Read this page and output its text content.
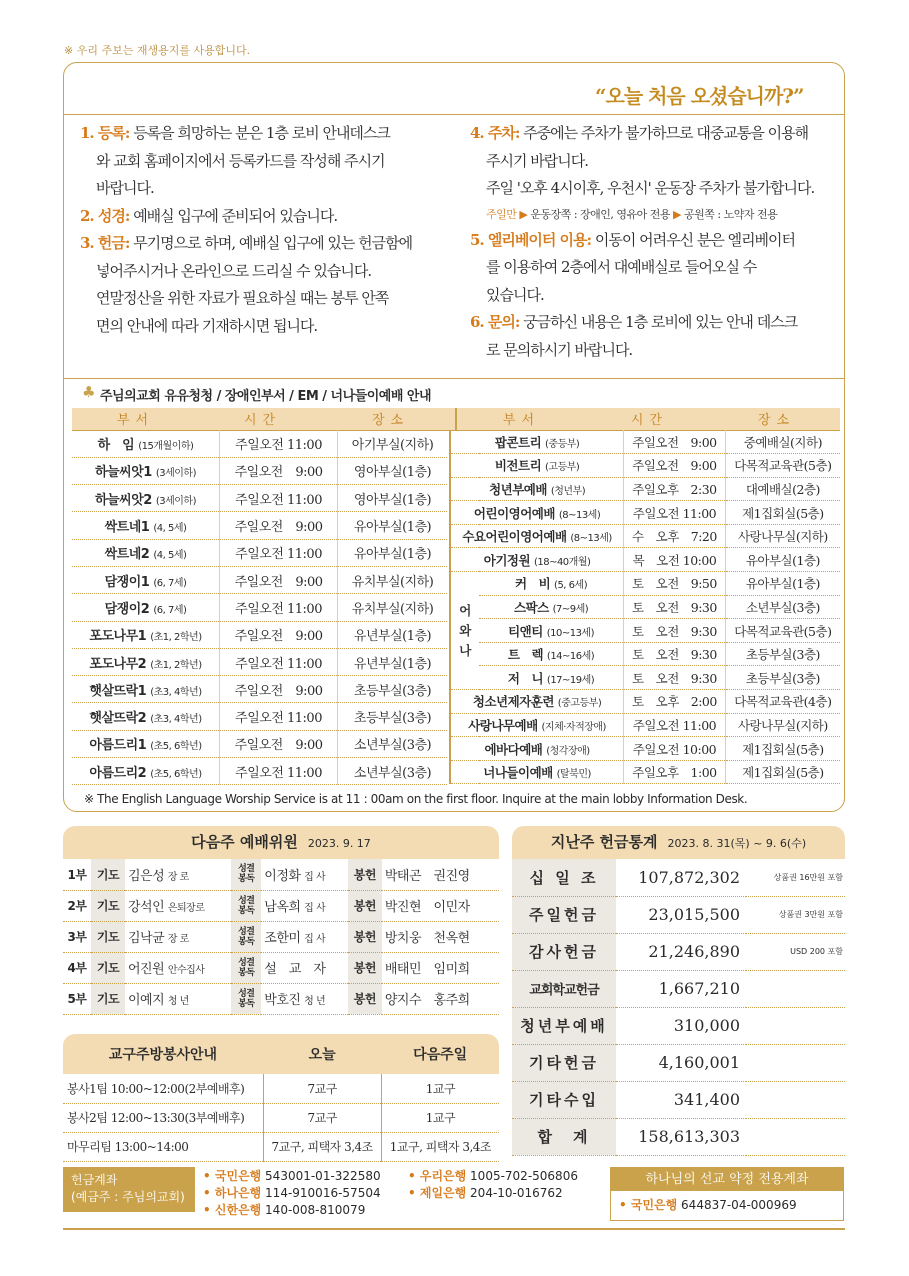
※ 우리 주보는 재생용지를 사용합니다.
“오늘 처음 오셨습니까?”
1. 등록: 등록을 희망하는 분은 1층 로비 안내데스크
와 교회 홈페이지에서 등록카드를 작성해 주시기
바랍니다.
2. 성경: 예배실 입구에 준비되어 있습니다.
3. 헌금: 무기명으로 하며, 예배실 입구에 있는 헌금함에
넣어주시거나 온라인으로 드리실 수 있습니다.
연말정산을 위한 자료가 필요하실 때는 봉투 안쪽
면의 안내에 따라 기재하시면 됩니다.
4. 주차: 주중에는 주차가 불가하므로 대중교통을 이용해
주시기 바랍니다.
주일 '오후 4시이후, 우천시' 운동장 주차가 불가합니다.
주일만 ▶ 운동장쪽 : 장애인, 영유아 전용 ▶ 공원쪽 : 노약자 전용
5. 엘리베이터 이용: 이동이 어려우신 분은 엘리베이터
를 이용하여 2층에서 대예배실로 들어오실 수
있습니다.
6. 문의: 궁금하신 내용은 1층 로비에 있는 안내 데스크
로 문의하시기 바랍니다.
♣ 주님의교회 유유청청 / 장애인부서 / EM / 너나들이예배 안내
부서	시간	장소	부서	시간	장소
※ The English Language Worship Service is at 11 : 00am on the first floor. Inquire at the main lobby Information Desk.
다음주 예배위원 2023. 9. 17
1부	기도	김은성 장 로	성결 봉독	이정화 집 사	봉헌	박태곤　권진영
2부	기도	강석인 은퇴장로	성결 봉독	남옥희 집 사	봉헌	박진현　이민자
3부	기도	김낙균 장 로	성결 봉독	조한미 집 사	봉헌	방치웅　천옥현
4부	기도	어진원 안수집사	성결 봉독	설　교　자	봉헌	배태민　임미희
5부	기도	이예지 청 년	성결 봉독	박호진 청 년	봉헌	양지수　홍주희
지난주 헌금통계 2023. 8. 31(목) ~ 9. 6(수)
십 일 조	107,872,302	상품권 16만원 포함
주일헌금	23,015,500	상품권 3만원 포함
감사헌금	21,246,890	USD 200 포함
교회학교헌금	1,667,210	
청년부예배	310,000	
기타헌금	4,160,001	
기타수입	341,400	
합　계	158,613,303	
교구주방봉사안내	오늘	다음주일
봉사1팀 10:00~12:00(2부예배후)	7교구	1교구
봉사2팀 12:00~13:30(3부예배후)	7교구	1교구
마무리팀 13:00~14:00	7교구, 피택자 3,4조	1교구, 피택자 3,4조
헌금계좌
(예금주 : 주님의교회)
• 국민은행 543001-01-322580	• 우리은행 1005-702-506806
• 하나은행 114-910016-57504	• 제일은행 204-10-016762
• 신한은행 140-008-810079
하나님의 선교 약정 전용계좌
• 국민은행 644837-04-000969
하　임 (15개월이하)	주일오전 11:00	아기부실(지하)
하늘씨앗1 (3세이하)	주일오전　9:00	영아부실(1층)
하늘씨앗2 (3세이하)	주일오전 11:00	영아부실(1층)
싹트네1 (4, 5세)	주일오전　9:00	유아부실(1층)
싹트네2 (4, 5세)	주일오전 11:00	유아부실(1층)
담쟁이1 (6, 7세)	주일오전　9:00	유치부실(지하)
담쟁이2 (6, 7세)	주일오전 11:00	유치부실(지하)
포도나무1 (초1, 2학년)	주일오전　9:00	유년부실(1층)
포도나무2 (초1, 2학년)	주일오전 11:00	유년부실(1층)
햇살뜨락1 (초3, 4학년)	주일오전　9:00	초등부실(3층)
햇살뜨락2 (초3, 4학년)	주일오전 11:00	초등부실(3층)
아름드리1 (초5, 6학년)	주일오전　9:00	소년부실(3층)
아름드리2 (초5, 6학년)	주일오전 11:00	소년부실(3층)
팝콘트리 (중등부)		주일오전　9:00	중예배실(지하)
비전트리 (고등부)		주일오전　9:00	다목적교육관(5층)
청년부예배 (청년부)		주일오후　2:30	대예배실(2층)
어린이영어예배 (8~13세)		주일오전 11:00	제1집회실(5층)
수요어린이영어예배 (8~13세)		수　오후　7:20	사랑나무실(지하)
아기정원 (18~40개월)		목　오전 10:00	유아부실(1층)

어
와
나	커　비 (5, 6세)	토　오전　9:50	유아부실(1층)
	스팍스 (7~9세)	토　오전　9:30	소년부실(3층)
	티앤티 (10~13세)	토　오전　9:30	다목적교육관(5층)
	트　렉 (14~16세)	토　오전　9:30	초등부실(3층)
	저　니 (17~19세)	토　오전　9:30	초등부실(3층)
청소년제자훈련 (중고등부)		토　오후　2:00	다목적교육관(4층)
사랑나무예배 (지체·자적장애)		주일오전 11:00	사랑나무실(지하)
에바다예배 (청각장애)		주일오전 10:00	제1집회실(5층)
너나들이예배 (탈북민)		주일오후　1:00	제1집회실(5층)
